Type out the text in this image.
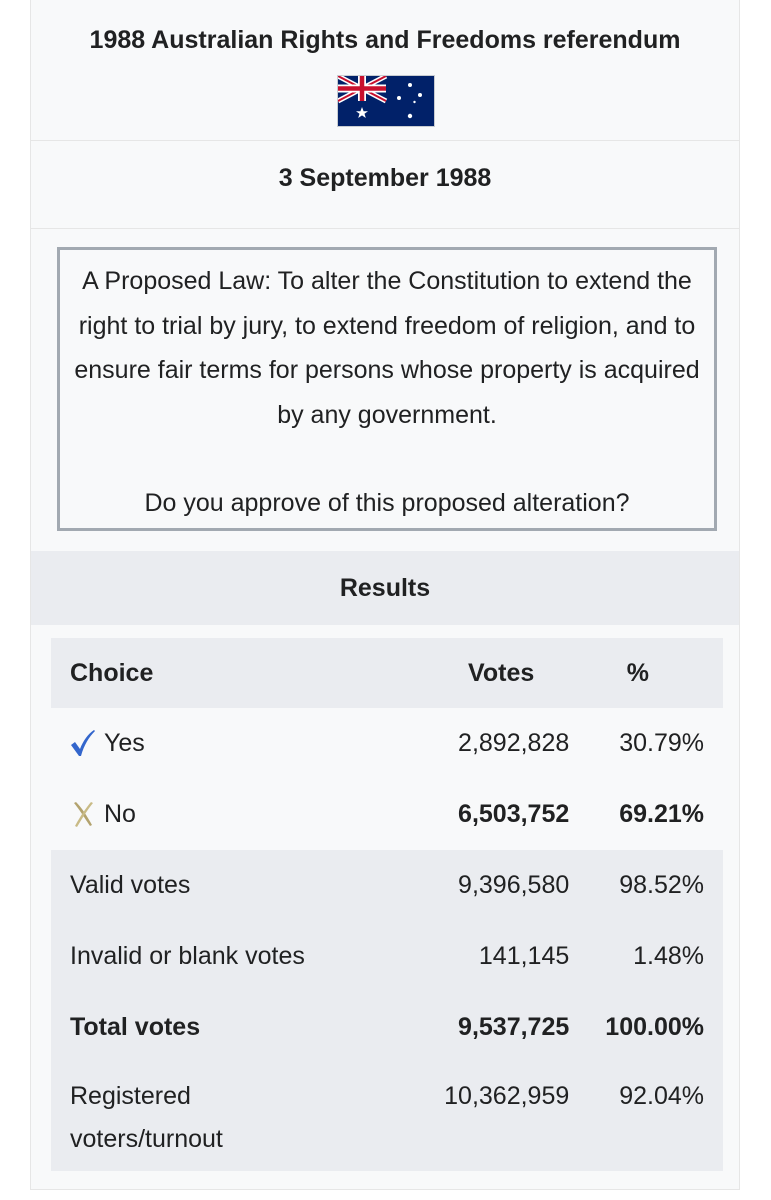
1988 Australian Rights and Freedoms referendum
3 September 1988
A Proposed Law: To alter the Constitution to extend the right to trial by jury, to extend freedom of religion, and to ensure fair terms for persons whose property is acquired by any government.
Do you approve of this proposed alteration?
Results
Choice	Votes	%

Yes	2,892,828	30.79%

No	6,503,752	69.21%
Valid votes	9,396,580	98.52%
Invalid or blank votes	141,145	1.48%
Total votes	9,537,725	100.00%
Registered voters/turnout	10,362,959	92.04%
